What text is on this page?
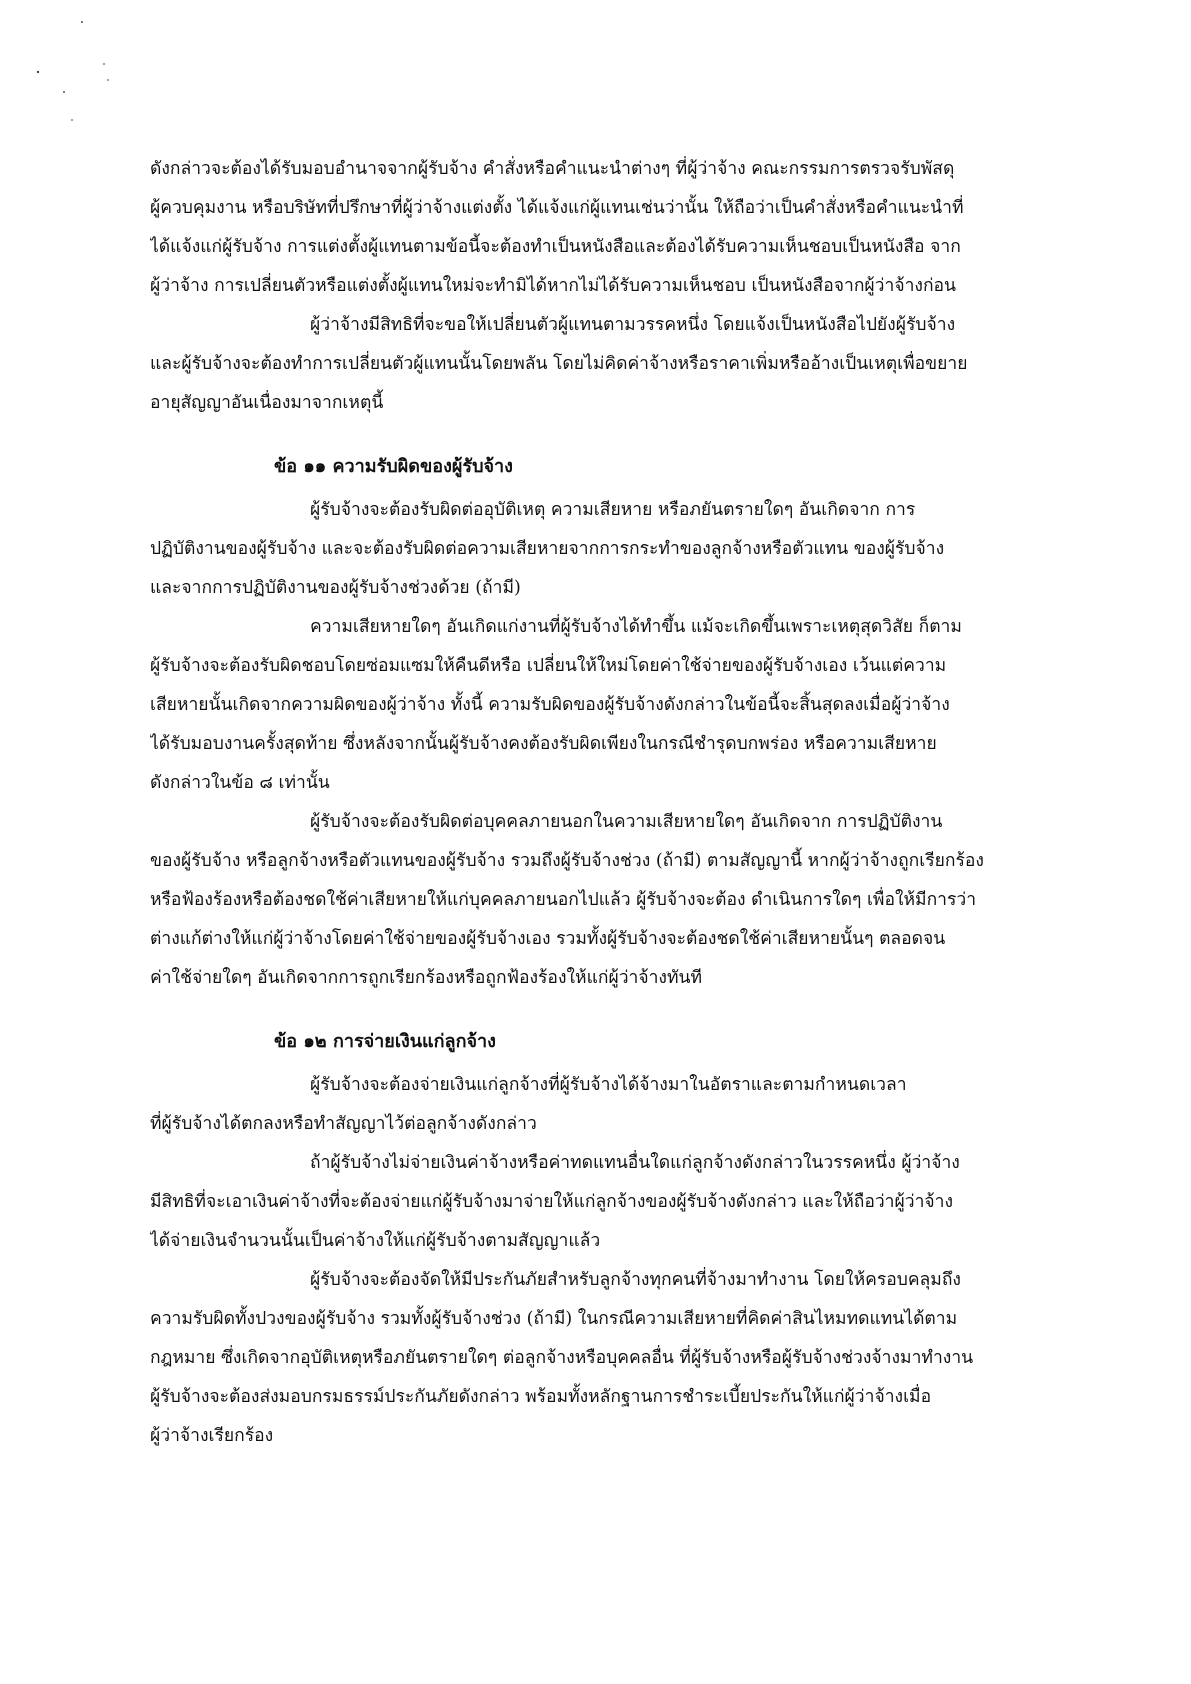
ดังกล่าวจะต้องได้รับมอบอำนาจจากผู้รับจ้าง คำสั่งหรือคำแนะนำต่างๆ ที่ผู้ว่าจ้าง คณะกรรมการตรวจรับพัสดุ
ผู้ควบคุมงาน หรือบริษัทที่ปรึกษาที่ผู้ว่าจ้างแต่งตั้ง ได้แจ้งแก่ผู้แทนเช่นว่านั้น ให้ถือว่าเป็นคำสั่งหรือคำแนะนำที่
ได้แจ้งแก่ผู้รับจ้าง การแต่งตั้งผู้แทนตามข้อนี้จะต้องทำเป็นหนังสือและต้องได้รับความเห็นชอบเป็นหนังสือ จาก
ผู้ว่าจ้าง การเปลี่ยนตัวหรือแต่งตั้งผู้แทนใหม่จะทำมิได้หากไม่ได้รับความเห็นชอบ เป็นหนังสือจากผู้ว่าจ้างก่อน
ผู้ว่าจ้างมีสิทธิที่จะขอให้เปลี่ยนตัวผู้แทนตามวรรคหนึ่ง โดยแจ้งเป็นหนังสือไปยังผู้รับจ้าง
และผู้รับจ้างจะต้องทำการเปลี่ยนตัวผู้แทนนั้นโดยพลัน โดยไม่คิดค่าจ้างหรือราคาเพิ่มหรืออ้างเป็นเหตุเพื่อขยาย
อายุสัญญาอันเนื่องมาจากเหตุนี้
ข้อ ๑๑ ความรับผิดของผู้รับจ้าง
ผู้รับจ้างจะต้องรับผิดต่ออุบัติเหตุ ความเสียหาย หรือภยันตรายใดๆ อันเกิดจาก การ
ปฏิบัติงานของผู้รับจ้าง และจะต้องรับผิดต่อความเสียหายจากการกระทำของลูกจ้างหรือตัวแทน ของผู้รับจ้าง
และจากการปฏิบัติงานของผู้รับจ้างช่วงด้วย (ถ้ามี)
ความเสียหายใดๆ อันเกิดแก่งานที่ผู้รับจ้างได้ทำขึ้น แม้จะเกิดขึ้นเพราะเหตุสุดวิสัย ก็ตาม
ผู้รับจ้างจะต้องรับผิดชอบโดยซ่อมแซมให้คืนดีหรือ เปลี่ยนให้ใหม่โดยค่าใช้จ่ายของผู้รับจ้างเอง เว้นแต่ความ
เสียหายนั้นเกิดจากความผิดของผู้ว่าจ้าง ทั้งนี้ ความรับผิดของผู้รับจ้างดังกล่าวในข้อนี้จะสิ้นสุดลงเมื่อผู้ว่าจ้าง
ได้รับมอบงานครั้งสุดท้าย ซึ่งหลังจากนั้นผู้รับจ้างคงต้องรับผิดเพียงในกรณีชำรุดบกพร่อง หรือความเสียหาย
ดังกล่าวในข้อ ๘ เท่านั้น
ผู้รับจ้างจะต้องรับผิดต่อบุคคลภายนอกในความเสียหายใดๆ อันเกิดจาก การปฏิบัติงาน
ของผู้รับจ้าง หรือลูกจ้างหรือตัวแทนของผู้รับจ้าง รวมถึงผู้รับจ้างช่วง (ถ้ามี) ตามสัญญานี้ หากผู้ว่าจ้างถูกเรียกร้อง
หรือฟ้องร้องหรือต้องชดใช้ค่าเสียหายให้แก่บุคคลภายนอกไปแล้ว ผู้รับจ้างจะต้อง ดำเนินการใดๆ เพื่อให้มีการว่า
ต่างแก้ต่างให้แก่ผู้ว่าจ้างโดยค่าใช้จ่ายของผู้รับจ้างเอง รวมทั้งผู้รับจ้างจะต้องชดใช้ค่าเสียหายนั้นๆ ตลอดจน
ค่าใช้จ่ายใดๆ อันเกิดจากการถูกเรียกร้องหรือถูกฟ้องร้องให้แก่ผู้ว่าจ้างทันที
ข้อ ๑๒ การจ่ายเงินแก่ลูกจ้าง
ผู้รับจ้างจะต้องจ่ายเงินแก่ลูกจ้างที่ผู้รับจ้างได้จ้างมาในอัตราและตามกำหนดเวลา
ที่ผู้รับจ้างได้ตกลงหรือทำสัญญาไว้ต่อลูกจ้างดังกล่าว
ถ้าผู้รับจ้างไม่จ่ายเงินค่าจ้างหรือค่าทดแทนอื่นใดแก่ลูกจ้างดังกล่าวในวรรคหนึ่ง ผู้ว่าจ้าง
มีสิทธิที่จะเอาเงินค่าจ้างที่จะต้องจ่ายแก่ผู้รับจ้างมาจ่ายให้แก่ลูกจ้างของผู้รับจ้างดังกล่าว และให้ถือว่าผู้ว่าจ้าง
ได้จ่ายเงินจำนวนนั้นเป็นค่าจ้างให้แก่ผู้รับจ้างตามสัญญาแล้ว
ผู้รับจ้างจะต้องจัดให้มีประกันภัยสำหรับลูกจ้างทุกคนที่จ้างมาทำงาน โดยให้ครอบคลุมถึง
ความรับผิดทั้งปวงของผู้รับจ้าง รวมทั้งผู้รับจ้างช่วง (ถ้ามี) ในกรณีความเสียหายที่คิดค่าสินไหมทดแทนได้ตาม
กฎหมาย ซึ่งเกิดจากอุบัติเหตุหรือภยันตรายใดๆ ต่อลูกจ้างหรือบุคคลอื่น ที่ผู้รับจ้างหรือผู้รับจ้างช่วงจ้างมาทำงาน
ผู้รับจ้างจะต้องส่งมอบกรมธรรม์ประกันภัยดังกล่าว พร้อมทั้งหลักฐานการชำระเบี้ยประกันให้แก่ผู้ว่าจ้างเมื่อ
ผู้ว่าจ้างเรียกร้อง
